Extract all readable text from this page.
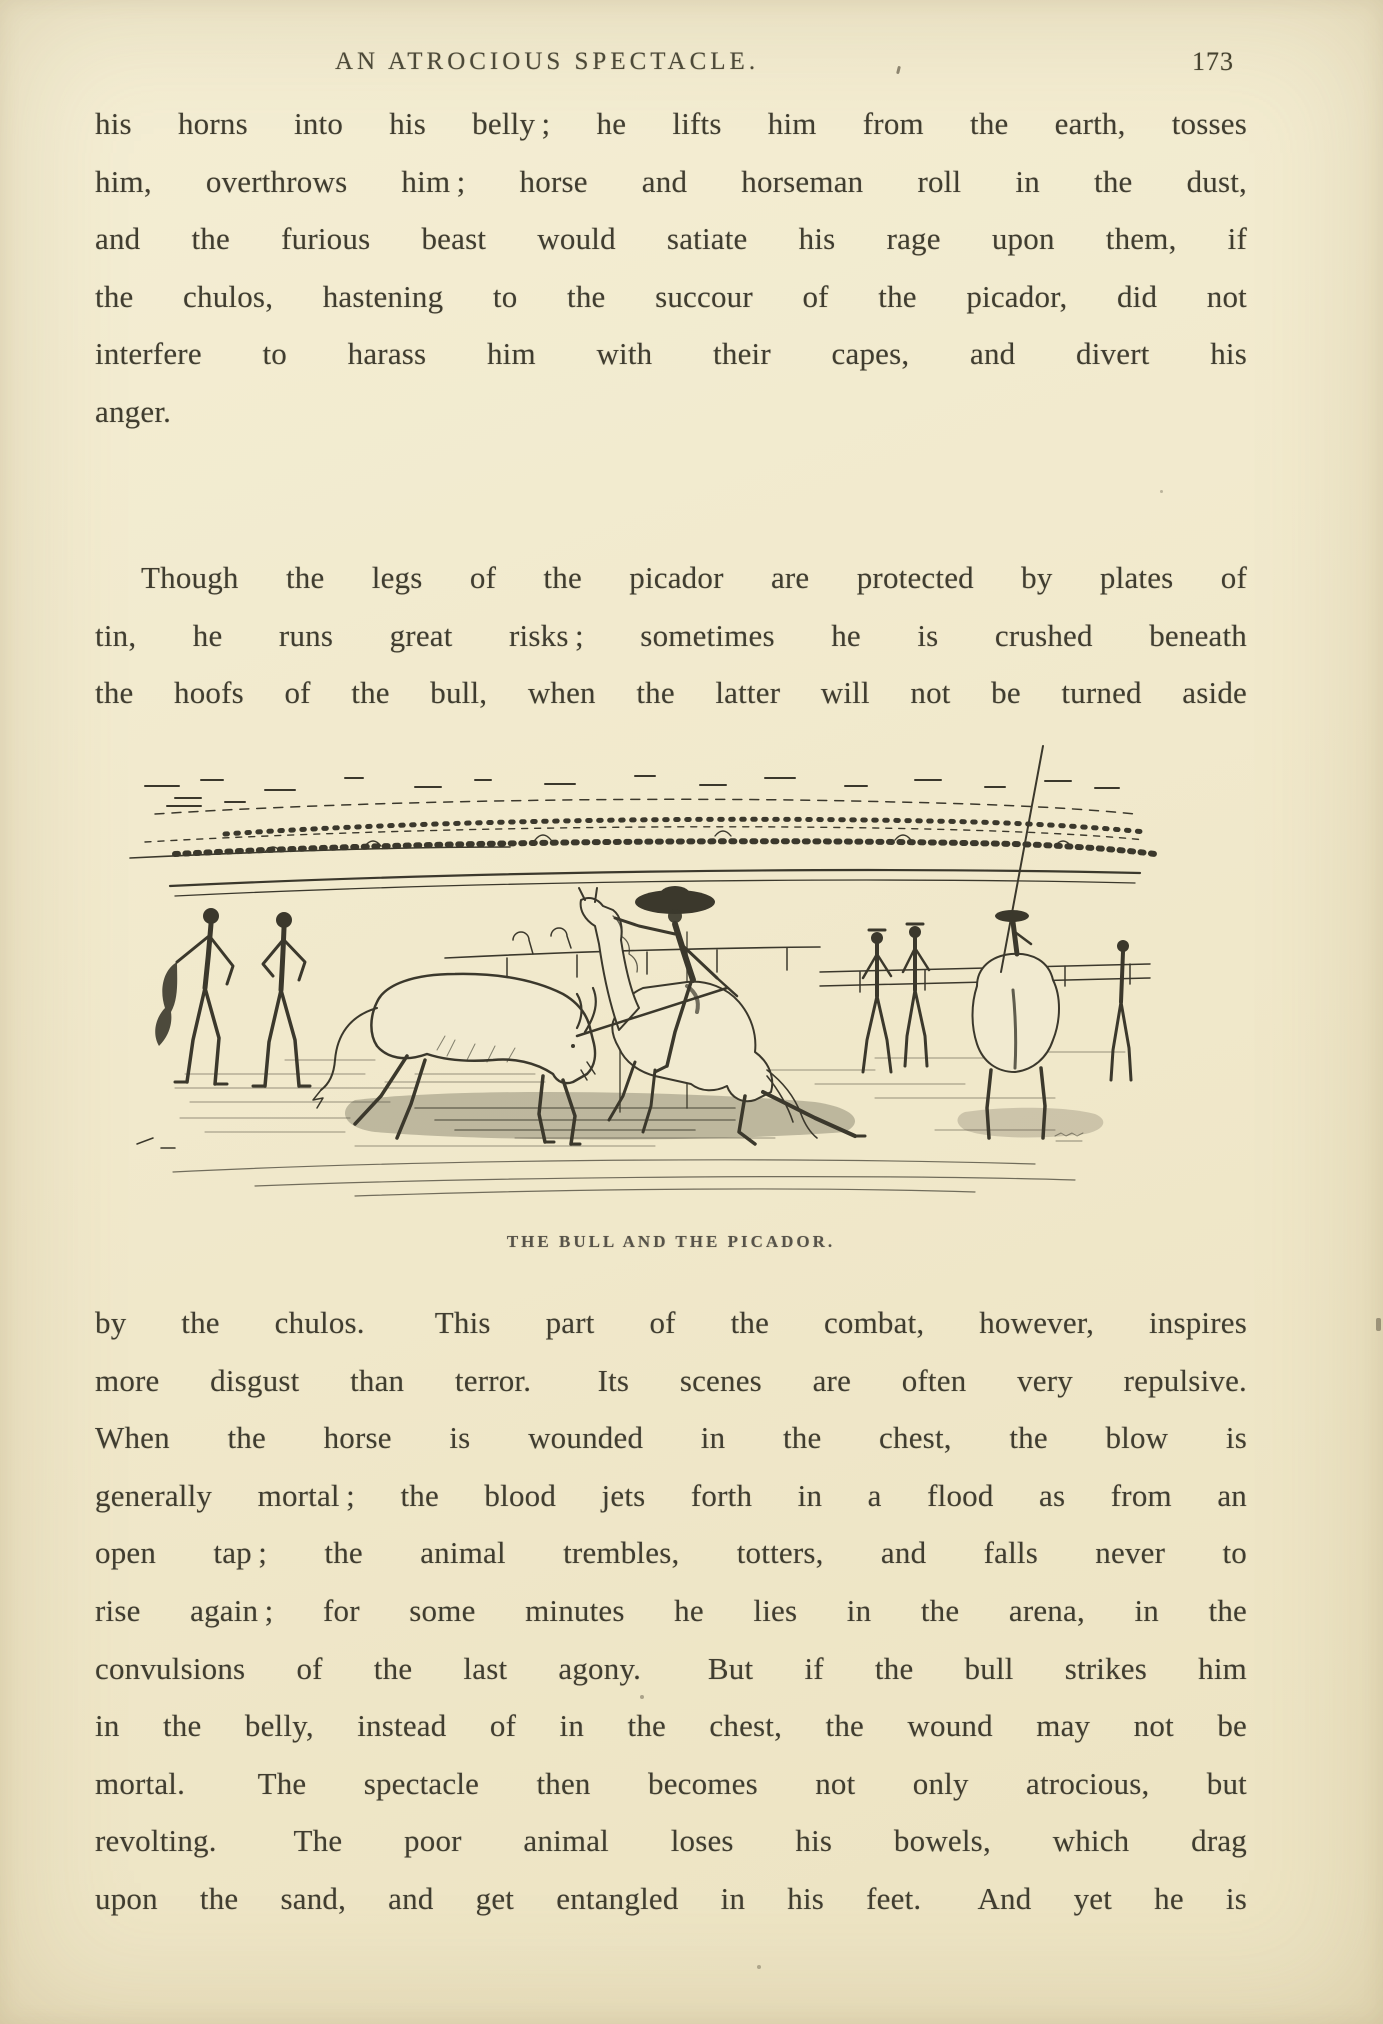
AN ATROCIOUS SPECTACLE.	173
his horns into his belly ; he lifts him from the earth, tosses
him, overthrows him ; horse and horseman roll in the dust,
and the furious beast would satiate his rage upon them, if
the chulos, hastening to the succour of the picador, did not
interfere to harass him with their capes, and divert his
anger.
Though the legs of the picador are protected by plates of
tin, he runs great risks ; sometimes he is crushed beneath
the hoofs of the bull, when the latter will not be turned aside
THE BULL AND THE PICADOR.
by the chulos.  This part of the combat, however, inspires
more disgust than terror.  Its scenes are often very repulsive.
When the horse is wounded in the chest, the blow is
generally mortal ; the blood jets forth in a flood as from an
open tap ; the animal trembles, totters, and falls never to
rise again ; for some minutes he lies in the arena, in the
convulsions of the last agony.  But if the bull strikes him
in the belly, instead of in the chest, the wound may not be
mortal.  The spectacle then becomes not only atrocious, but
revolting.  The poor animal loses his bowels, which drag
upon the sand, and get entangled in his feet.  And yet he is
